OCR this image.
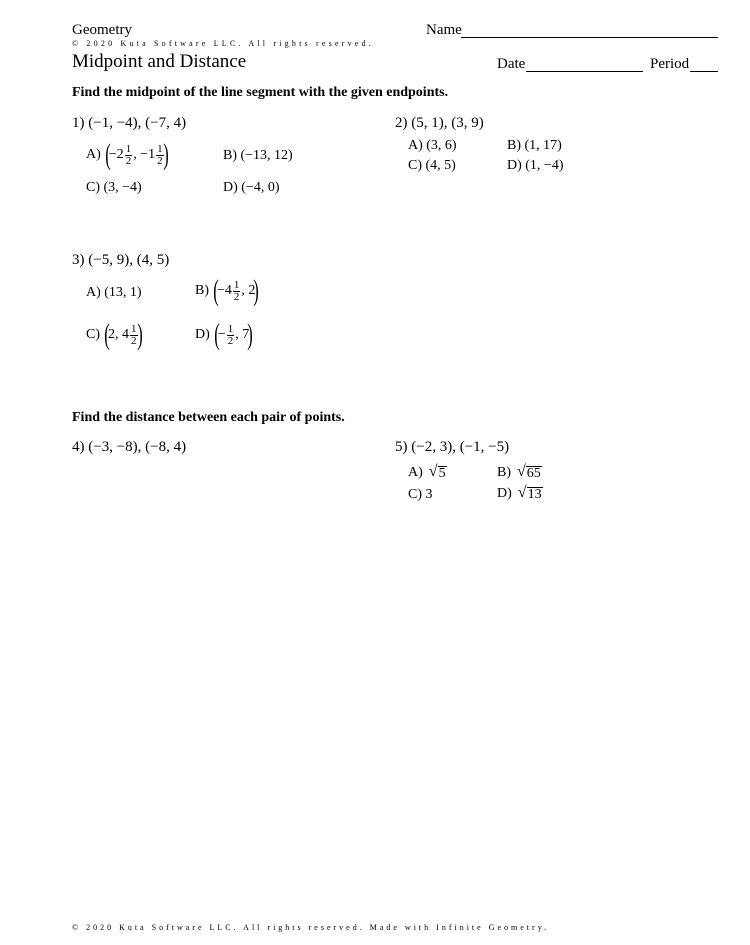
Geometry
© 2020 Kuta Software LLC. All rights reserved.
Midpoint and Distance
Name
Date	Period
Find the midpoint of the line segment with the given endpoints.
1) (−1, −4), (−7, 4)
A) (
$-2 \frac{1}{2}$ , $-1 \frac{1}{2}$ )	B) (−13, 12)
C) (3, −4)	D) (−4, 0)
2) (5, 1), (3, 9)
A) (3, 6)	B) (1, 17)
C) (4, 5)	D) (1, −4)
3) (−5, 9), (4, 5)
A) (13, 1)	B) (
$-4 \frac{1}{2}$ , 2
)
C) (
2, $4 \frac{1}{2}$ )	D) (
− $\frac{1}{2}$ , 7
)
Find the distance between each pair of points.
4) (−3, −8), (−8, 4)	5) (−2, 3), (−1, −5)
A) √ 5	B) √ 65
C) 3	D) √ 13
© 2020 Kuta Software LLC. All rights reserved. Made with Infinite Geometry.
